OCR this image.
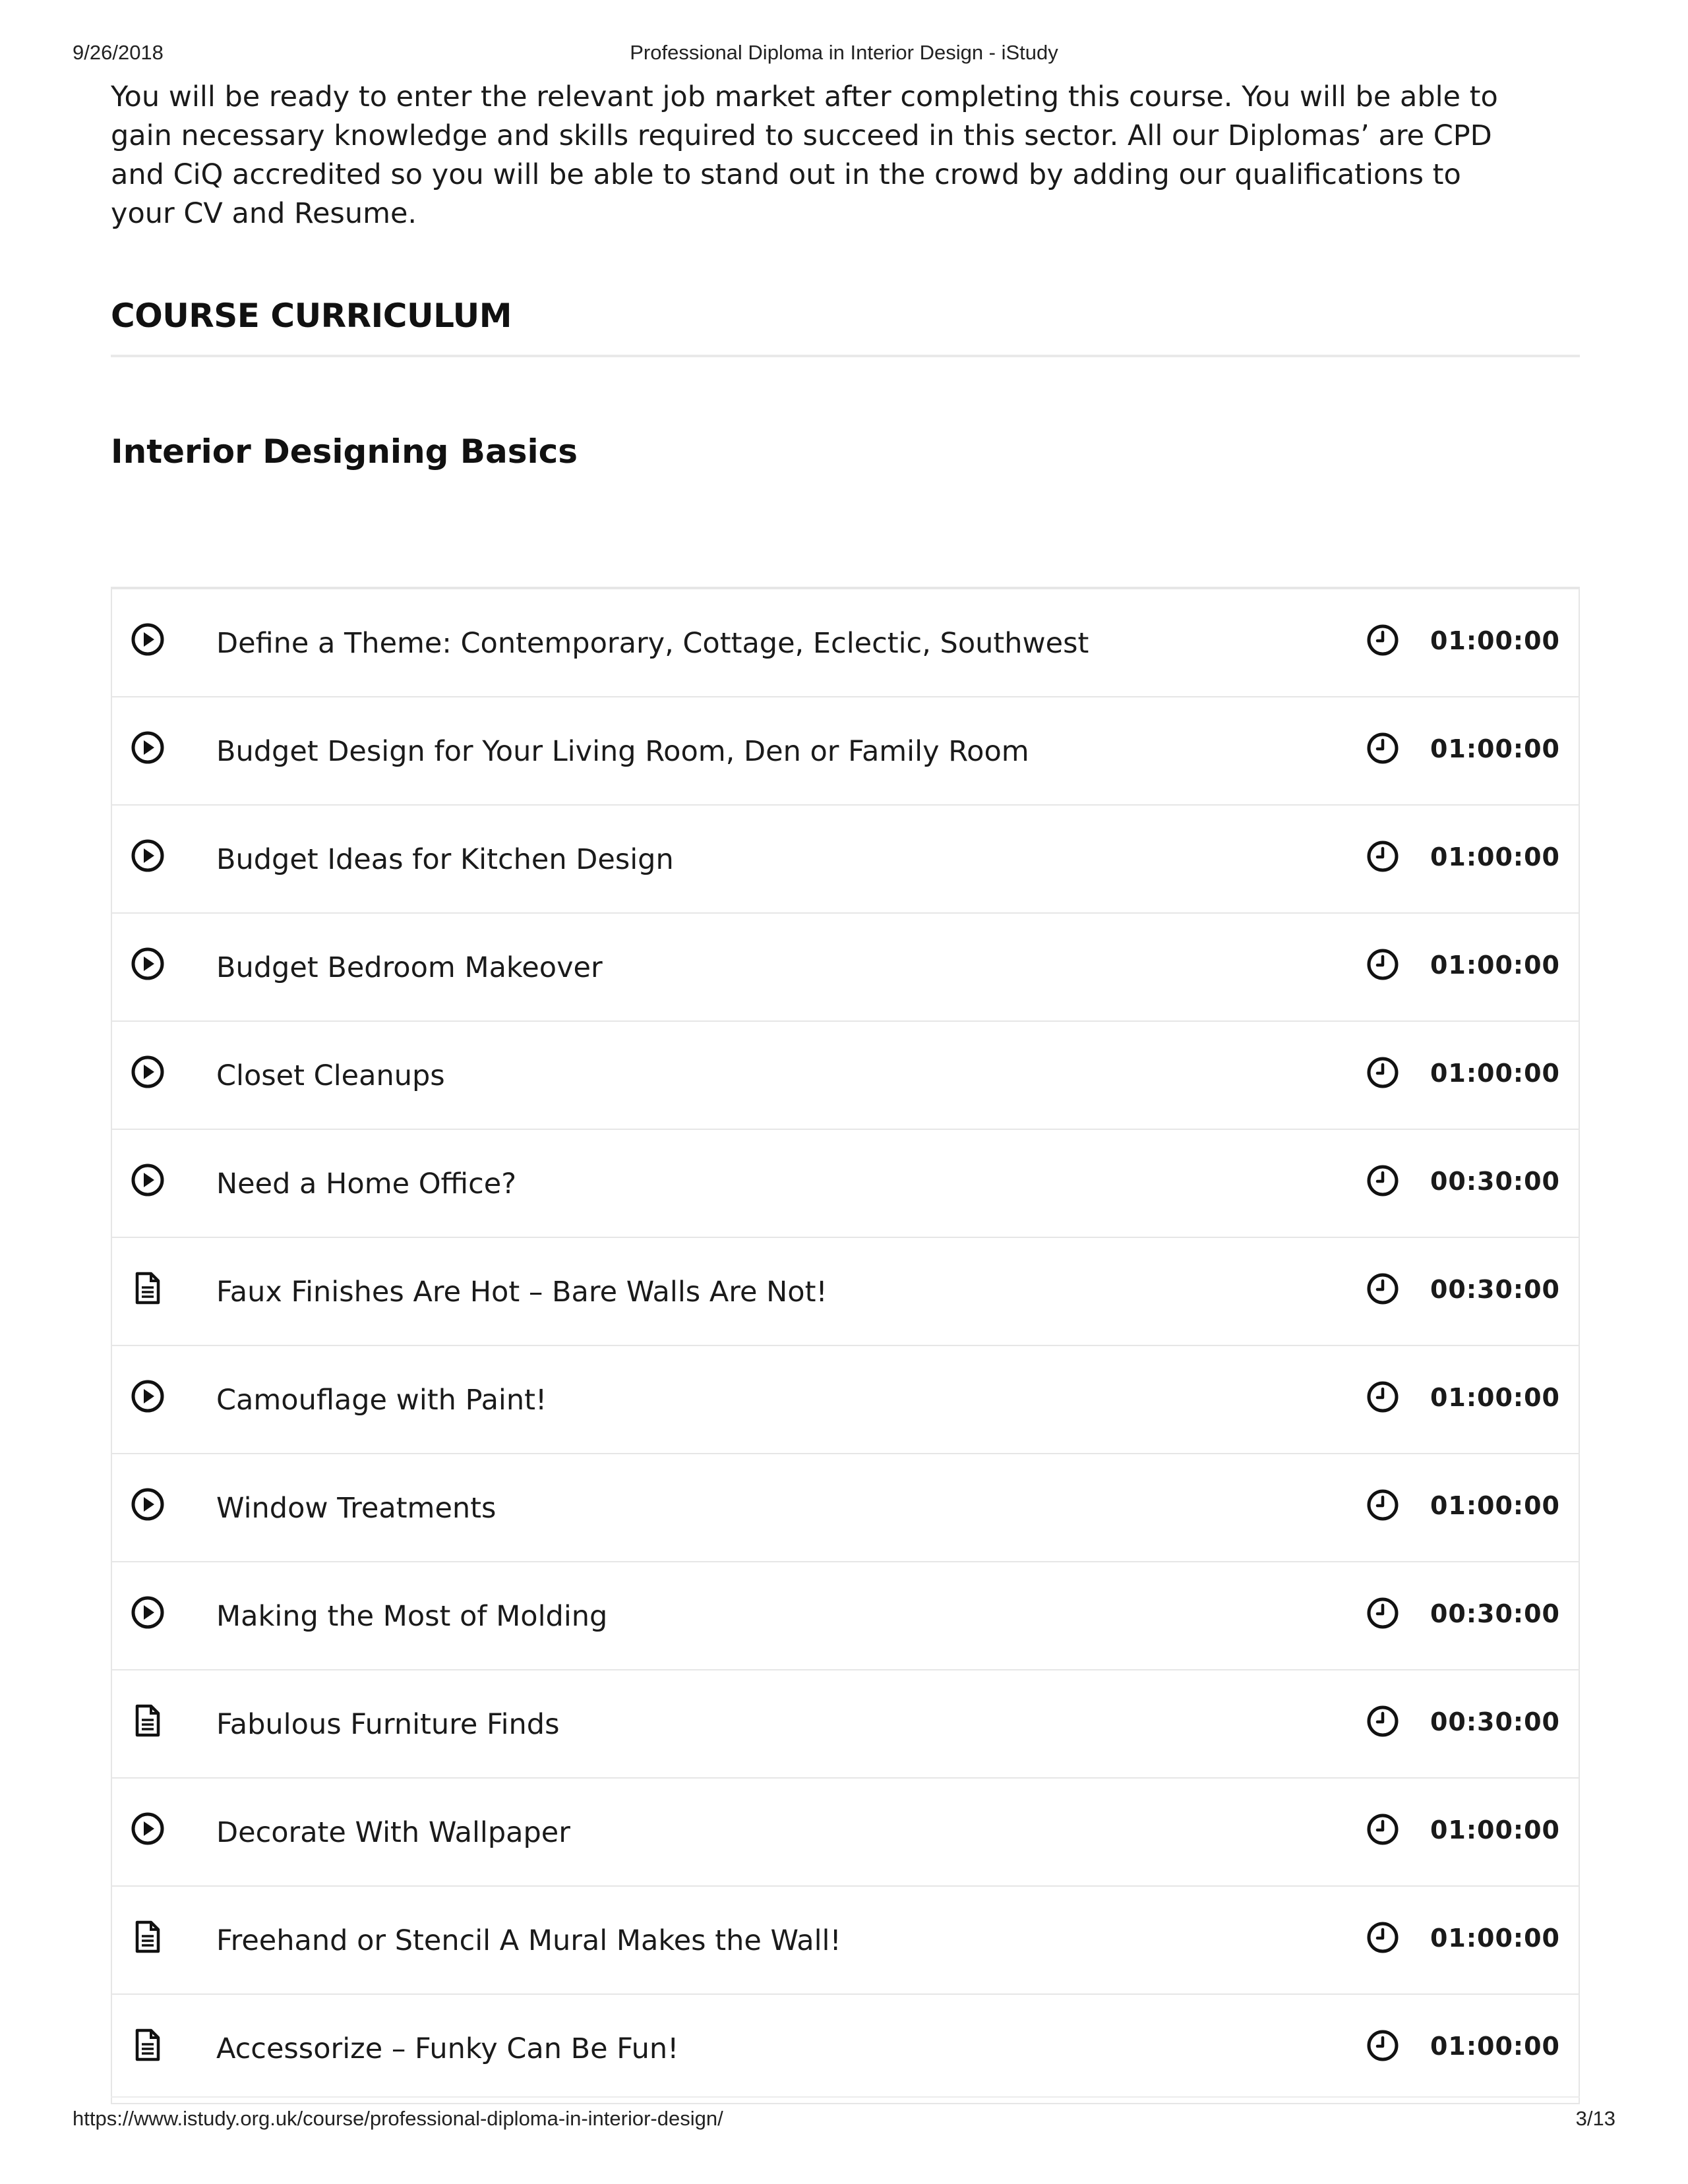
9/26/2018	Professional Diploma in Interior Design - iStudy

You will be ready to enter the relevant job market after completing this course. You will be able to gain necessary knowledge and skills required to succeed in this sector. All our Diplomas’ are CPD and CiQ accredited so you will be able to stand out in the crowd by adding our qualifications to your CV and Resume.

COURSE CURRICULUM
Interior Designing Basics
Define a Theme: Contemporary, Cottage, Eclectic, Southwest	01:00:00
Budget Design for Your Living Room, Den or Family Room	01:00:00
Budget Ideas for Kitchen Design	01:00:00
Budget Bedroom Makeover	01:00:00
Closet Cleanups	01:00:00
Need a Home Office?	00:30:00
Faux Finishes Are Hot – Bare Walls Are Not!	00:30:00
Camouflage with Paint!	01:00:00
Window Treatments	01:00:00
Making the Most of Molding	00:30:00
Fabulous Furniture Finds	00:30:00
Decorate With Wallpaper	01:00:00
Freehand or Stencil A Mural Makes the Wall!	01:00:00
Accessorize – Funky Can Be Fun!	01:00:00
https://www.istudy.org.uk/course/professional-diploma-in-interior-design/	3/13
